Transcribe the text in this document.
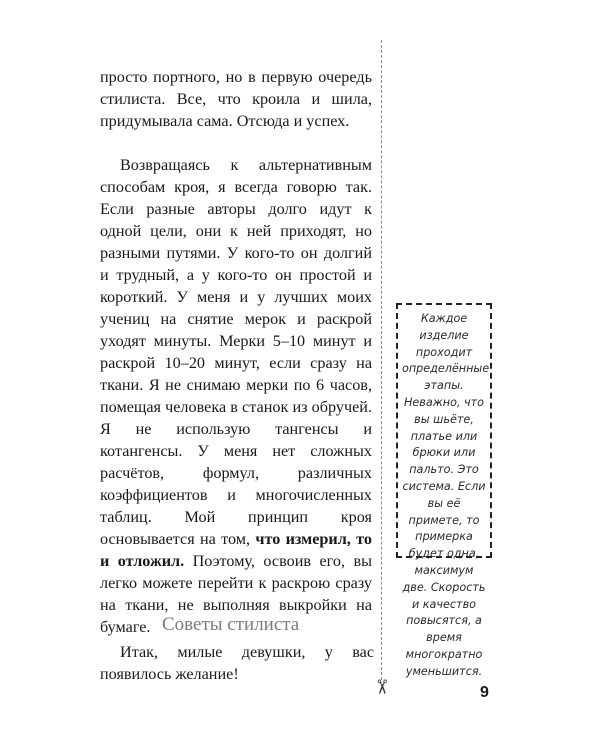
просто портного, но в первую очередь стилиста. Все, что кроила и шила, придумывала сама. Отсюда и успех.

Возвращаясь к альтернативным способам кроя, я всегда говорю так. Если разные авторы долго идут к одной цели, они к ней приходят, но разными путями. У кого-то он долгий и трудный, а у кого-то он простой и короткий. У меня и у лучших моих учениц на снятие мерок и раскрой уходят минуты. Мерки 5–10 минут и раскрой 10–20 минут, если сразу на ткани. Я не снимаю мерки по 6 часов, помещая человека в станок из обручей. Я не использую тангенсы и котангенсы. У меня нет сложных расчётов, формул, различных коэффициентов и многочисленных таблиц. Мой принцип кроя основывается на том, что измерил, то и отложил. Поэтому, освоив его, вы легко можете перейти к раскрою сразу на ткани, не выполняя выкройки на бумаге. Советы стилиста

Итак, милые девушки, у вас появилось желание!

✂

Каждое изделие проходит определённые этапы. Неважно, что вы шьёте, платье или брюки или пальто. Это система. Если вы её примете, то примерка будет одна, максимум две. Скорость и качество повысятся, а время многократно уменьшится.

9
